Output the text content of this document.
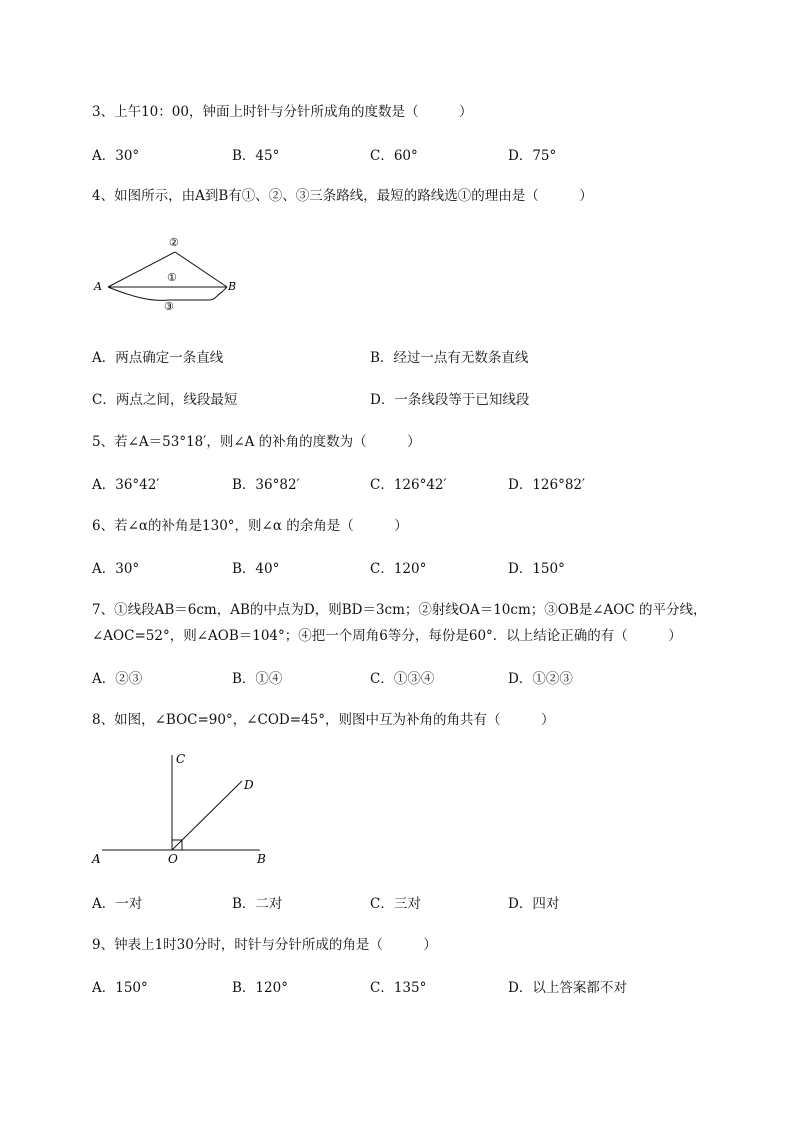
3、上午10：00，钟面上时针与分针所成角的度数是（　　　）
A．30°	B．45°	C．60°	D．75°
4、如图所示，由A到B有①、②、③三条路线，最短的路线选①的理由是（　　　）
A	B
②
①
③
A．两点确定一条直线	B．经过一点有无数条直线
C．两点之间，线段最短	D．一条线段等于已知线段
5、若∠A＝53°18′，则∠A 的补角的度数为（　　　）
A．36°42′	B．36°82′	C．126°42′	D．126°82′
6、若∠α的补角是130°，则∠α 的余角是（　　　）
A．30°	B．40°	C．120°	D．150°
7、①线段AB＝6cm，AB的中点为D，则BD＝3cm；②射线OA＝10cm；③OB是∠AOC 的平分线，
∠AOC=52°，则∠AOB＝104°；④把一个周角6等分，每份是60°．以上结论正确的有（　　　）
A．②③	B．①④	C．①③④	D．①②③
8、如图，∠BOC=90°，∠COD=45°，则图中互为补角的角共有（　　　）
A	O	B
C
D
A．一对	B．二对	C．三对	D．四对
9、钟表上1时30分时，时针与分针所成的角是（　　　）
A．150°	B．120°	C．135°	D．以上答案都不对
